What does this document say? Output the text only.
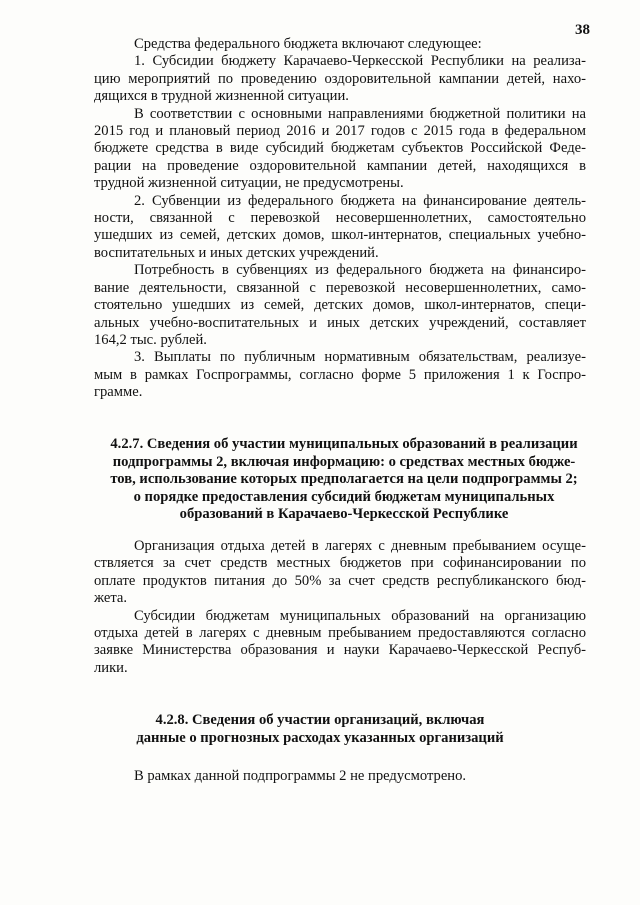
38
Средства федерального бюджета включают следующее:
1. Субсидии бюджету Карачаево-Черкесской Республики на реализа-
цию мероприятий по проведению оздоровительной кампании детей, нахо-
дящихся в трудной жизненной ситуации.
В соответствии с основными направлениями бюджетной политики на
2015 год и плановый период 2016 и 2017 годов с 2015 года в федеральном
бюджете средства в виде субсидий бюджетам субъектов Российской Феде-
рации на проведение оздоровительной кампании детей, находящихся в
трудной жизненной ситуации, не предусмотрены.
2. Субвенции из федерального бюджета на финансирование деятель-
ности, связанной с перевозкой несовершеннолетних, самостоятельно
ушедших из семей, детских домов, школ-интернатов, специальных учебно-
воспитательных и иных детских учреждений.
Потребность в субвенциях из федерального бюджета на финансиро-
вание деятельности, связанной с перевозкой несовершеннолетних, само-
стоятельно ушедших из семей, детских домов, школ-интернатов, специ-
альных учебно-воспитательных и иных детских учреждений, составляет
164,2 тыс. рублей.
3. Выплаты по публичным нормативным обязательствам, реализуе-
мым в рамках Госпрограммы, согласно форме 5 приложения 1 к Госпро-
грамме.
4.2.7. Сведения об участии муниципальных образований в реализации
подпрограммы 2, включая информацию: о средствах местных бюдже-
тов, использование которых предполагается на цели подпрограммы 2;
о порядке предоставления субсидий бюджетам муниципальных
образований в Карачаево-Черкесской Республике
Организация отдыха детей в лагерях с дневным пребыванием осуще-
ствляется за счет средств местных бюджетов при софинансировании по
оплате продуктов питания до 50% за счет средств республиканского бюд-
жета.
Субсидии бюджетам муниципальных образований на организацию
отдыха детей в лагерях с дневным пребыванием предоставляются согласно
заявке Министерства образования и науки Карачаево-Черкесской Респуб-
лики.
4.2.8. Сведения об участии организаций, включая
данные о прогнозных расходах указанных организаций
В рамках данной подпрограммы 2 не предусмотрено.
